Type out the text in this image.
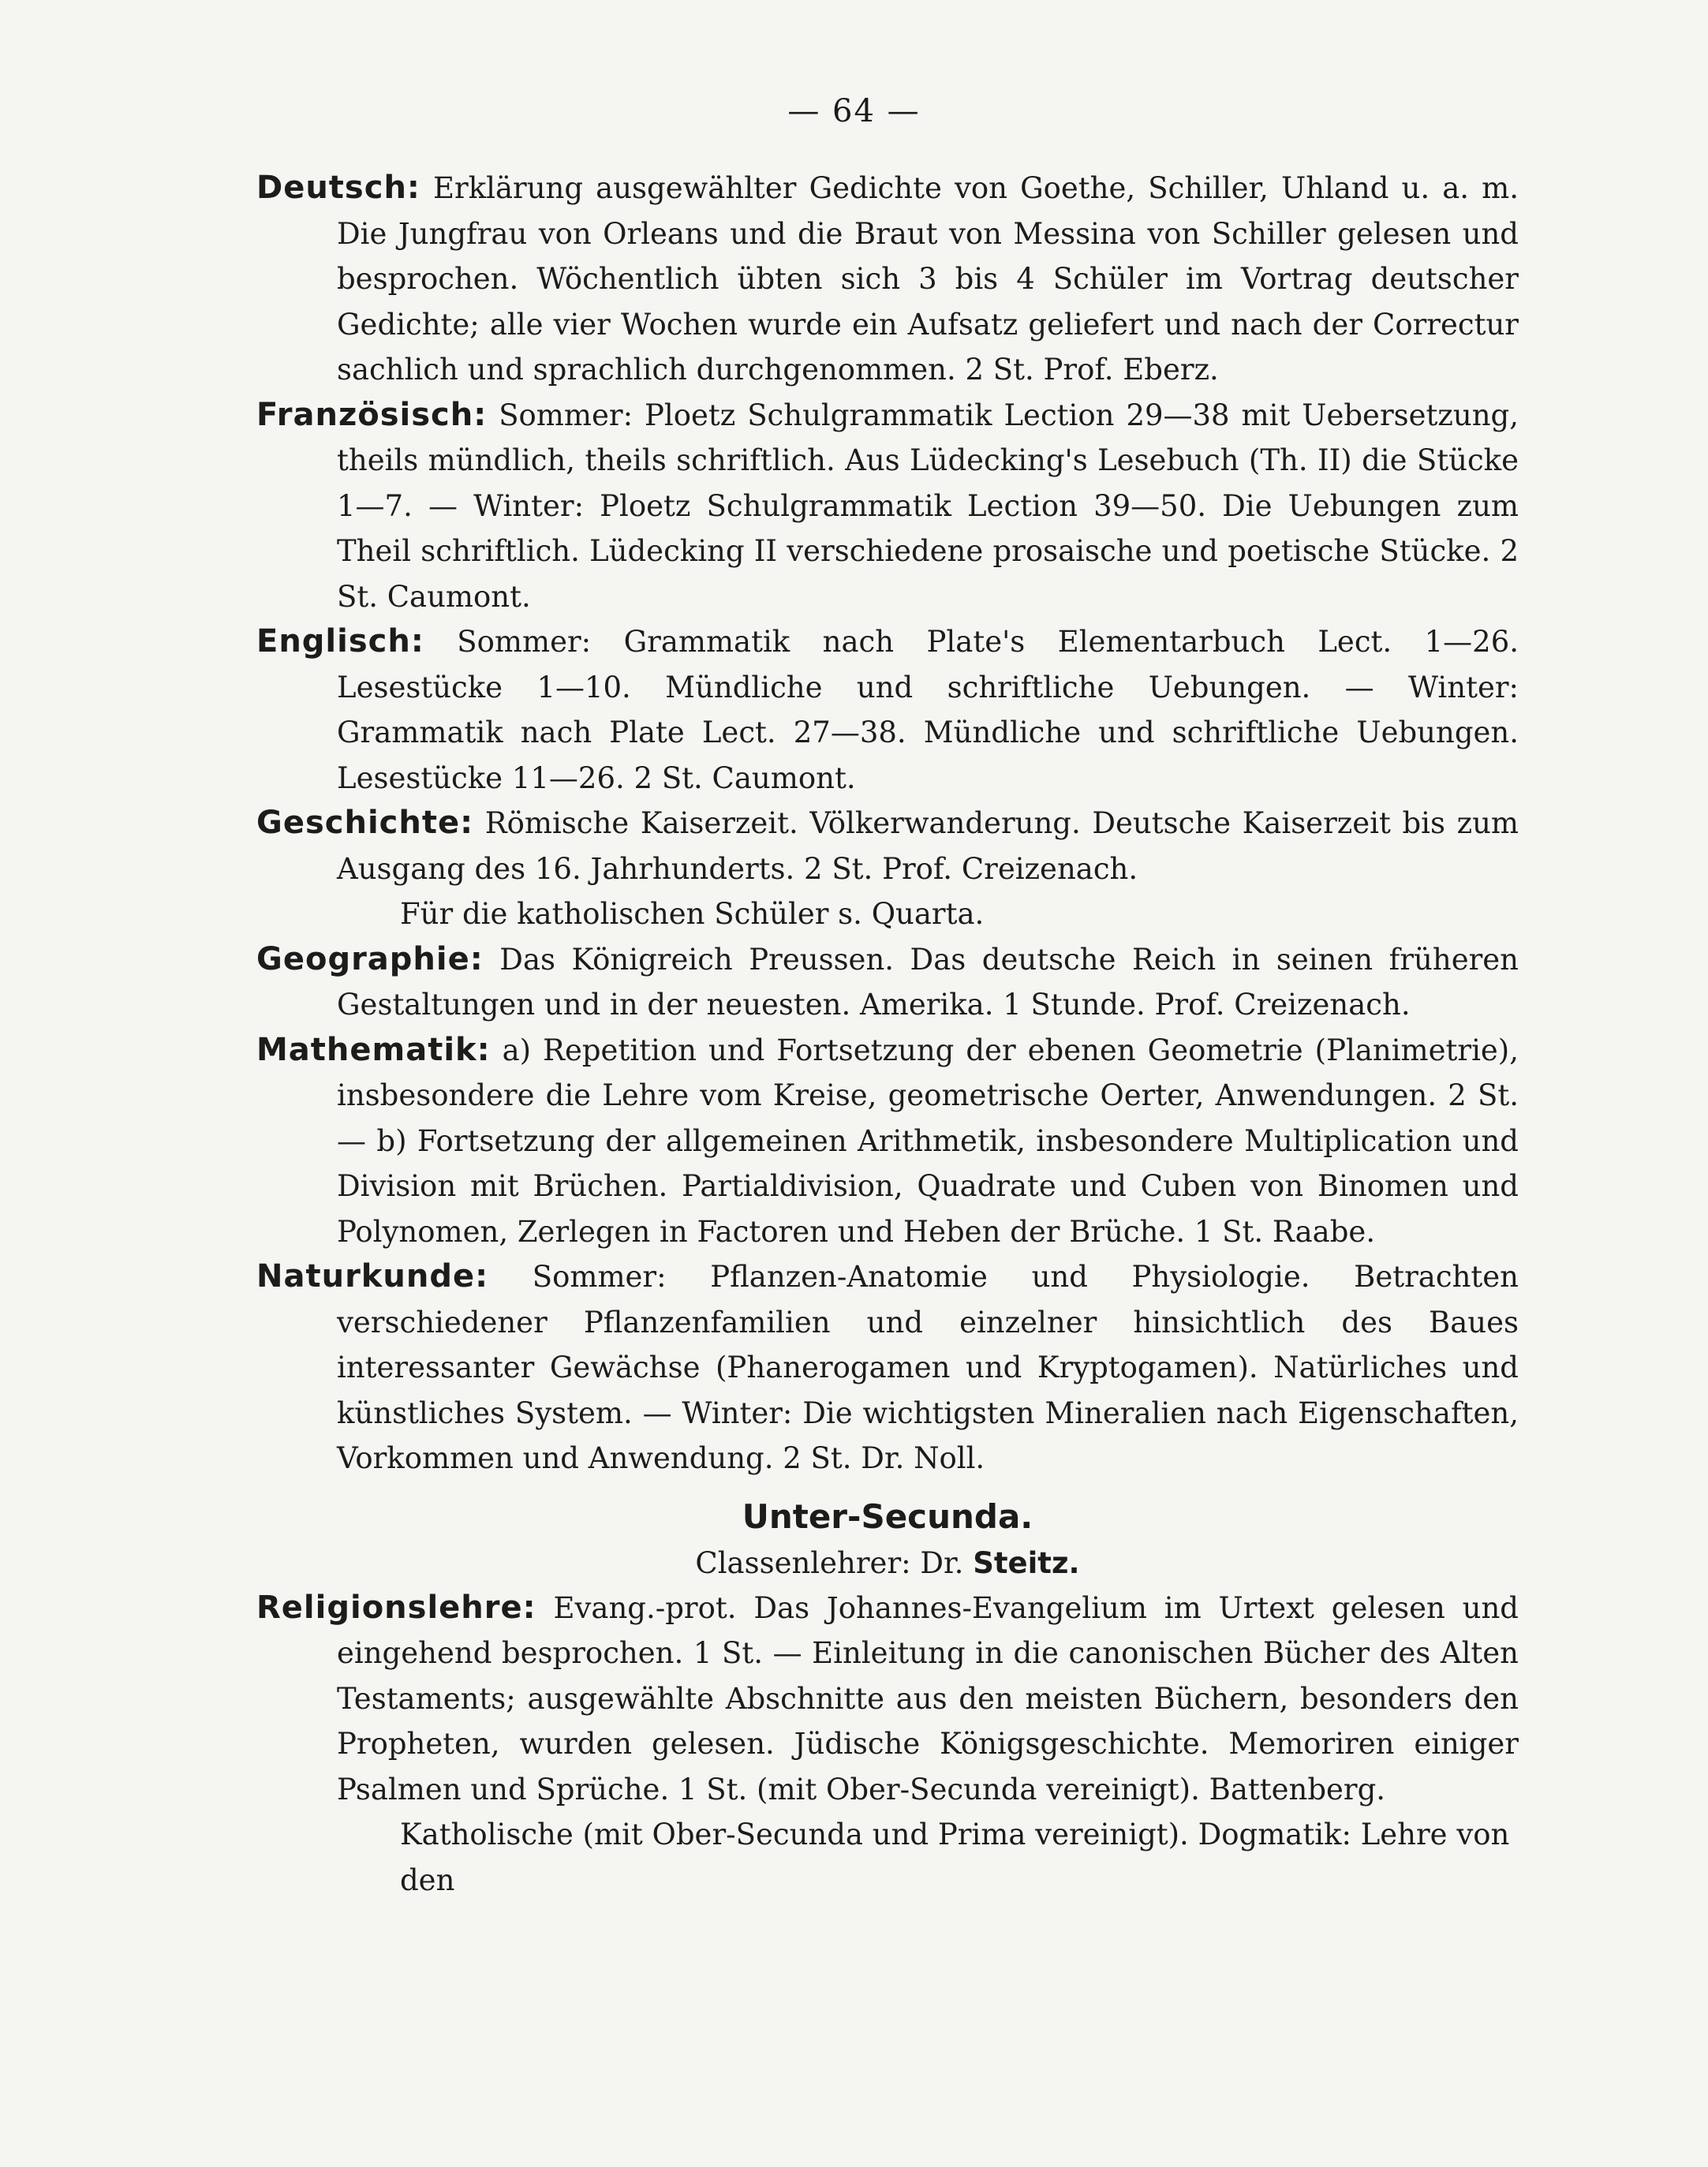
— 64 —

Deutsch: Erklärung ausgewählter Gedichte von Goethe, Schiller, Uhland u. a. m. Die Jungfrau von Orleans und die Braut von Messina von Schiller gelesen und besprochen. Wöchentlich übten sich 3 bis 4 Schüler im Vortrag deutscher Gedichte; alle vier Wochen wurde ein Aufsatz geliefert und nach der Correctur sachlich und sprachlich durchgenommen. 2 St. Prof. Eberz.

Französisch: Sommer: Ploetz Schulgrammatik Lection 29—38 mit Uebersetzung, theils mündlich, theils schriftlich. Aus Lüdecking's Lesebuch (Th. II) die Stücke 1—7. — Winter: Ploetz Schulgrammatik Lection 39—50. Die Uebungen zum Theil schriftlich. Lüdecking II verschiedene prosaische und poetische Stücke. 2 St. Caumont.

Englisch: Sommer: Grammatik nach Plate's Elementarbuch Lect. 1—26. Lesestücke 1—10. Mündliche und schriftliche Uebungen. — Winter: Grammatik nach Plate Lect. 27—38. Mündliche und schriftliche Uebungen. Lesestücke 11—26. 2 St. Caumont.

Geschichte: Römische Kaiserzeit. Völkerwanderung. Deutsche Kaiserzeit bis zum Ausgang des 16. Jahrhunderts. 2 St. Prof. Creizenach.

Für die katholischen Schüler s. Quarta.

Geographie: Das Königreich Preussen. Das deutsche Reich in seinen früheren Gestaltungen und in der neuesten. Amerika. 1 Stunde. Prof. Creizenach.

Mathematik: a) Repetition und Fortsetzung der ebenen Geometrie (Planimetrie), insbesondere die Lehre vom Kreise, geometrische Oerter, Anwendungen. 2 St. — b) Fortsetzung der allgemeinen Arithmetik, insbesondere Multiplication und Division mit Brüchen. Partialdivision, Quadrate und Cuben von Binomen und Polynomen, Zerlegen in Factoren und Heben der Brüche. 1 St. Raabe.

Naturkunde: Sommer: Pflanzen-Anatomie und Physiologie. Betrachten verschiedener Pflanzenfamilien und einzelner hinsichtlich des Baues interessanter Gewächse (Phanerogamen und Kryptogamen). Natürliches und künstliches System. — Winter: Die wichtigsten Mineralien nach Eigenschaften, Vorkommen und Anwendung. 2 St. Dr. Noll.

Unter-Secunda.

Classenlehrer: Dr. Steitz.

Religionslehre: Evang.-prot. Das Johannes-Evangelium im Urtext gelesen und eingehend besprochen. 1 St. — Einleitung in die canonischen Bücher des Alten Testaments; ausgewählte Abschnitte aus den meisten Büchern, besonders den Propheten, wurden gelesen. Jüdische Königsgeschichte. Memoriren einiger Psalmen und Sprüche. 1 St. (mit Ober-Secunda vereinigt). Battenberg.

Katholische (mit Ober-Secunda und Prima vereinigt). Dogmatik: Lehre von den
